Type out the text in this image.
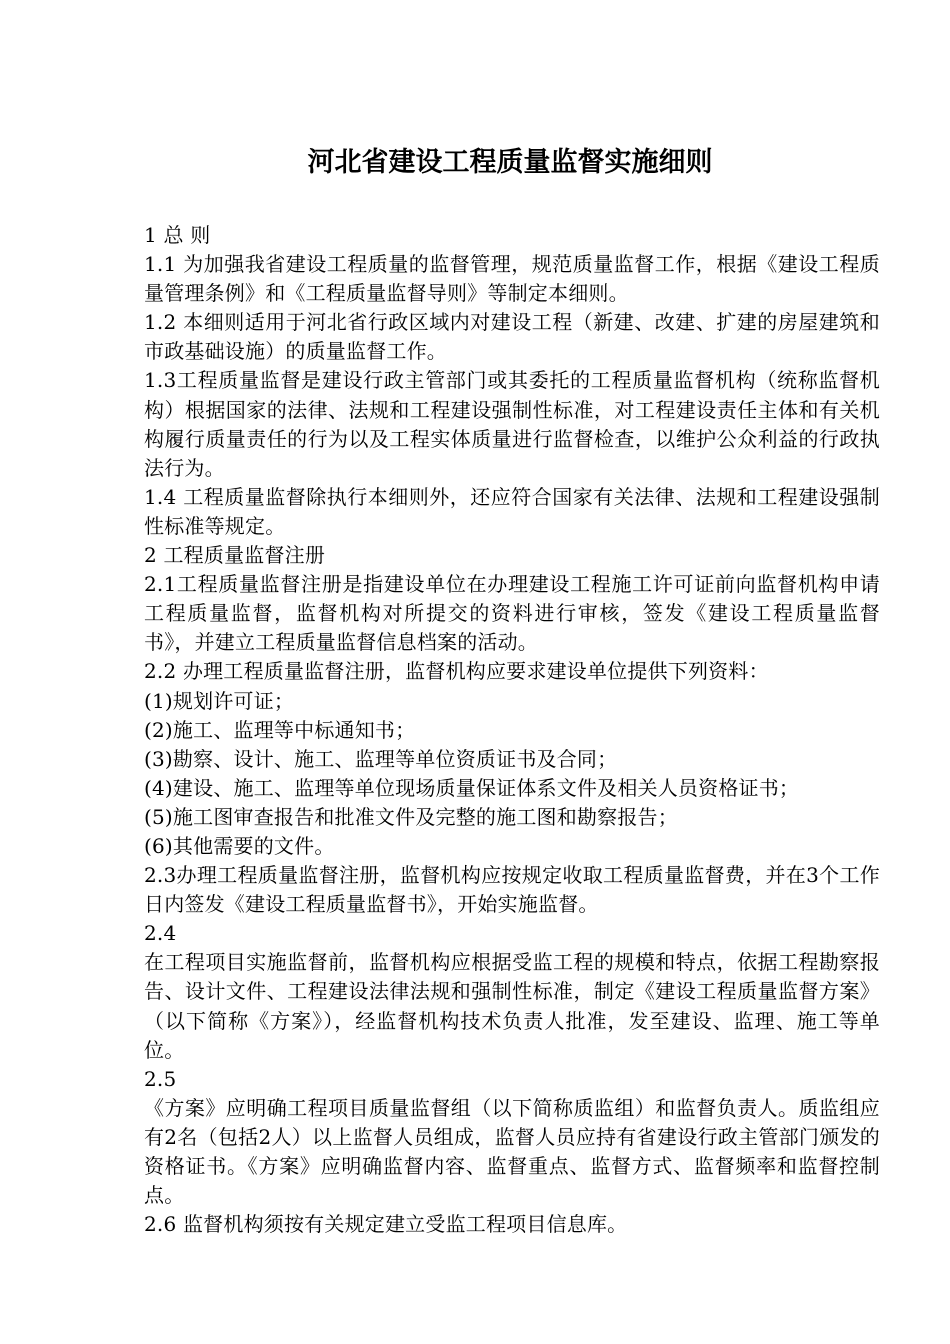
河北省建设工程质量监督实施细则

1 总 则

1.1 为加强我省建设工程质量的监督管理，规范质量监督工作，根据《建设工程质量管理条例》和《工程质量监督导则》等制定本细则。

1.2 本细则适用于河北省行政区域内对建设工程（新建、改建、扩建的房屋建筑和市政基础设施）的质量监督工作。

1.3工程质量监督是建设行政主管部门或其委托的工程质量监督机构（统称监督机构）根据国家的法律、法规和工程建设强制性标准，对工程建设责任主体和有关机构履行质量责任的行为以及工程实体质量进行监督检查，以维护公众利益的行政执法行为。

1.4 工程质量监督除执行本细则外，还应符合国家有关法律、法规和工程建设强制性标准等规定。

2 工程质量监督注册

2.1工程质量监督注册是指建设单位在办理建设工程施工许可证前向监督机构申请工程质量监督，监督机构对所提交的资料进行审核，签发《建设工程质量监督书》，并建立工程质量监督信息档案的活动。

2.2 办理工程质量监督注册，监督机构应要求建设单位提供下列资料：

(1)规划许可证；

(2)施工、监理等中标通知书；

(3)勘察、设计、施工、监理等单位资质证书及合同；

(4)建设、施工、监理等单位现场质量保证体系文件及相关人员资格证书；

(5)施工图审查报告和批准文件及完整的施工图和勘察报告；

(6)其他需要的文件。

2.3办理工程质量监督注册，监督机构应按规定收取工程质量监督费，并在3个工作日内签发《建设工程质量监督书》，开始实施监督。

2.4

在工程项目实施监督前，监督机构应根据受监工程的规模和特点，依据工程勘察报告、设计文件、工程建设法律法规和强制性标准，制定《建设工程质量监督方案》（以下简称《方案》），经监督机构技术负责人批准，发至建设、监理、施工等单位。

2.5

《方案》应明确工程项目质量监督组（以下简称质监组）和监督负责人。质监组应有2名（包括2人）以上监督人员组成，监督人员应持有省建设行政主管部门颁发的资格证书。《方案》应明确监督内容、监督重点、监督方式、监督频率和监督控制点。

2.6 监督机构须按有关规定建立受监工程项目信息库。
